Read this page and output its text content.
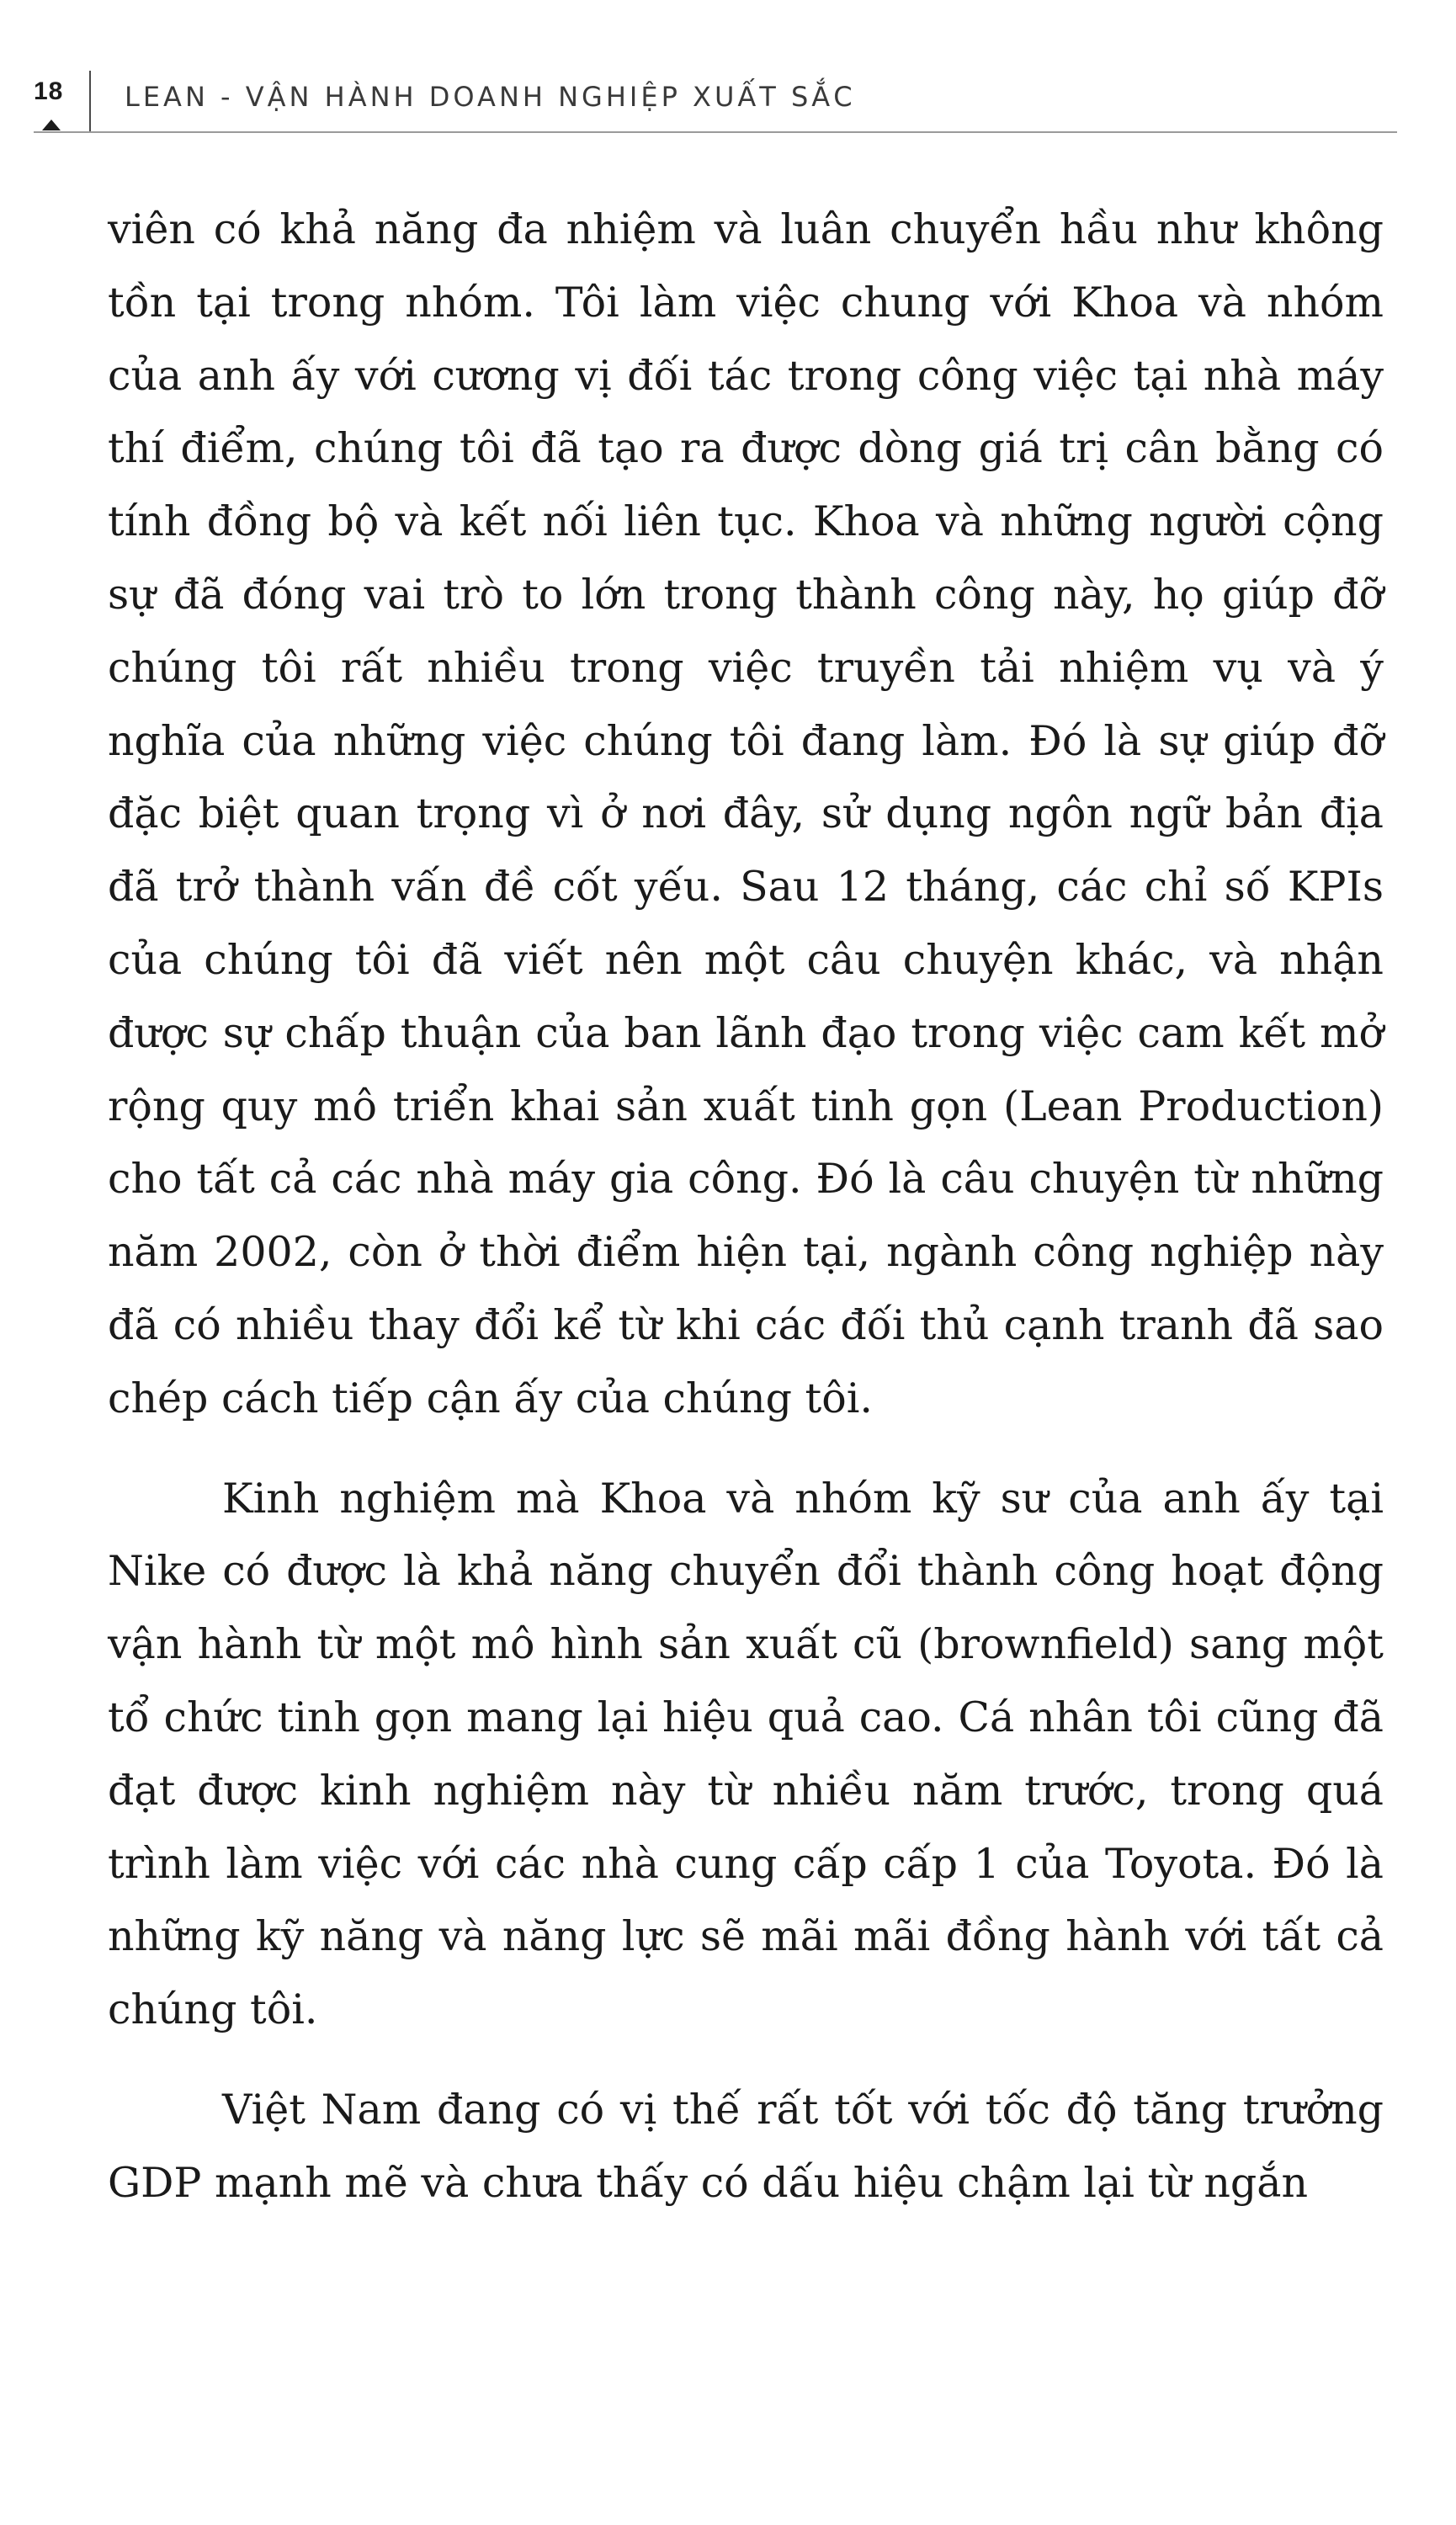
18 LEAN - VẬN HÀNH DOANH NGHIỆP XUẤT SẮC

viên có khả năng đa nhiệm và luân chuyển hầu như không tồn tại trong nhóm. Tôi làm việc chung với Khoa và nhóm của anh ấy với cương vị đối tác trong công việc tại nhà máy thí điểm, chúng tôi đã tạo ra được dòng giá trị cân bằng có tính đồng bộ và kết nối liên tục. Khoa và những người cộng sự đã đóng vai trò to lớn trong thành công này, họ giúp đỡ chúng tôi rất nhiều trong việc truyền tải nhiệm vụ và ý nghĩa của những việc chúng tôi đang làm. Đó là sự giúp đỡ đặc biệt quan trọng vì ở nơi đây, sử dụng ngôn ngữ bản địa đã trở thành vấn đề cốt yếu. Sau 12 tháng, các chỉ số KPIs của chúng tôi đã viết nên một câu chuyện khác, và nhận được sự chấp thuận của ban lãnh đạo trong việc cam kết mở rộng quy mô triển khai sản xuất tinh gọn (Lean Production) cho tất cả các nhà máy gia công. Đó là câu chuyện từ những năm 2002, còn ở thời điểm hiện tại, ngành công nghiệp này đã có nhiều thay đổi kể từ khi các đối thủ cạnh tranh đã sao chép cách tiếp cận ấy của chúng tôi.

Kinh nghiệm mà Khoa và nhóm kỹ sư của anh ấy tại Nike có được là khả năng chuyển đổi thành công hoạt động vận hành từ một mô hình sản xuất cũ (brownfield) sang một tổ chức tinh gọn mang lại hiệu quả cao. Cá nhân tôi cũng đã đạt được kinh nghiệm này từ nhiều năm trước, trong quá trình làm việc với các nhà cung cấp cấp 1 của Toyota. Đó là những kỹ năng và năng lực sẽ mãi mãi đồng hành với tất cả chúng tôi.

Việt Nam đang có vị thế rất tốt với tốc độ tăng trưởng GDP mạnh mẽ và chưa thấy có dấu hiệu chậm lại từ ngắn
